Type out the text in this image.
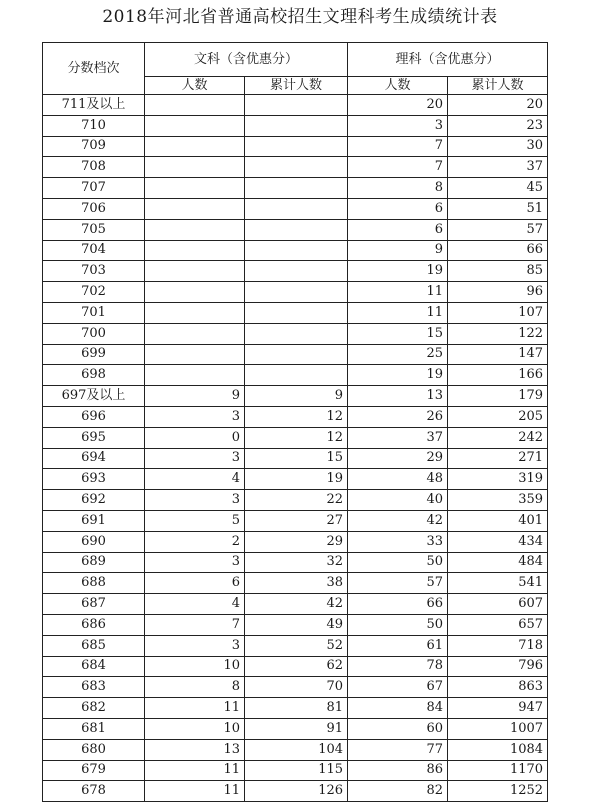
2018年河北省普通高校招生文理科考生成绩统计表
分数档次	文科（含优惠分）		理科（含优惠分）	
	人数	累计人数	人数	累计人数
711及以上			20	20
710			3	23
709			7	30
708			7	37
707			8	45
706			6	51
705			6	57
704			9	66
703			19	85
702			11	96
701			11	107
700			15	122
699			25	147
698			19	166
697及以上	9	9	13	179
696	3	12	26	205
695	0	12	37	242
694	3	15	29	271
693	4	19	48	319
692	3	22	40	359
691	5	27	42	401
690	2	29	33	434
689	3	32	50	484
688	6	38	57	541
687	4	42	66	607
686	7	49	50	657
685	3	52	61	718
684	10	62	78	796
683	8	70	67	863
682	11	81	84	947
681	10	91	60	1007
680	13	104	77	1084
679	11	115	86	1170
678	11	126	82	1252
